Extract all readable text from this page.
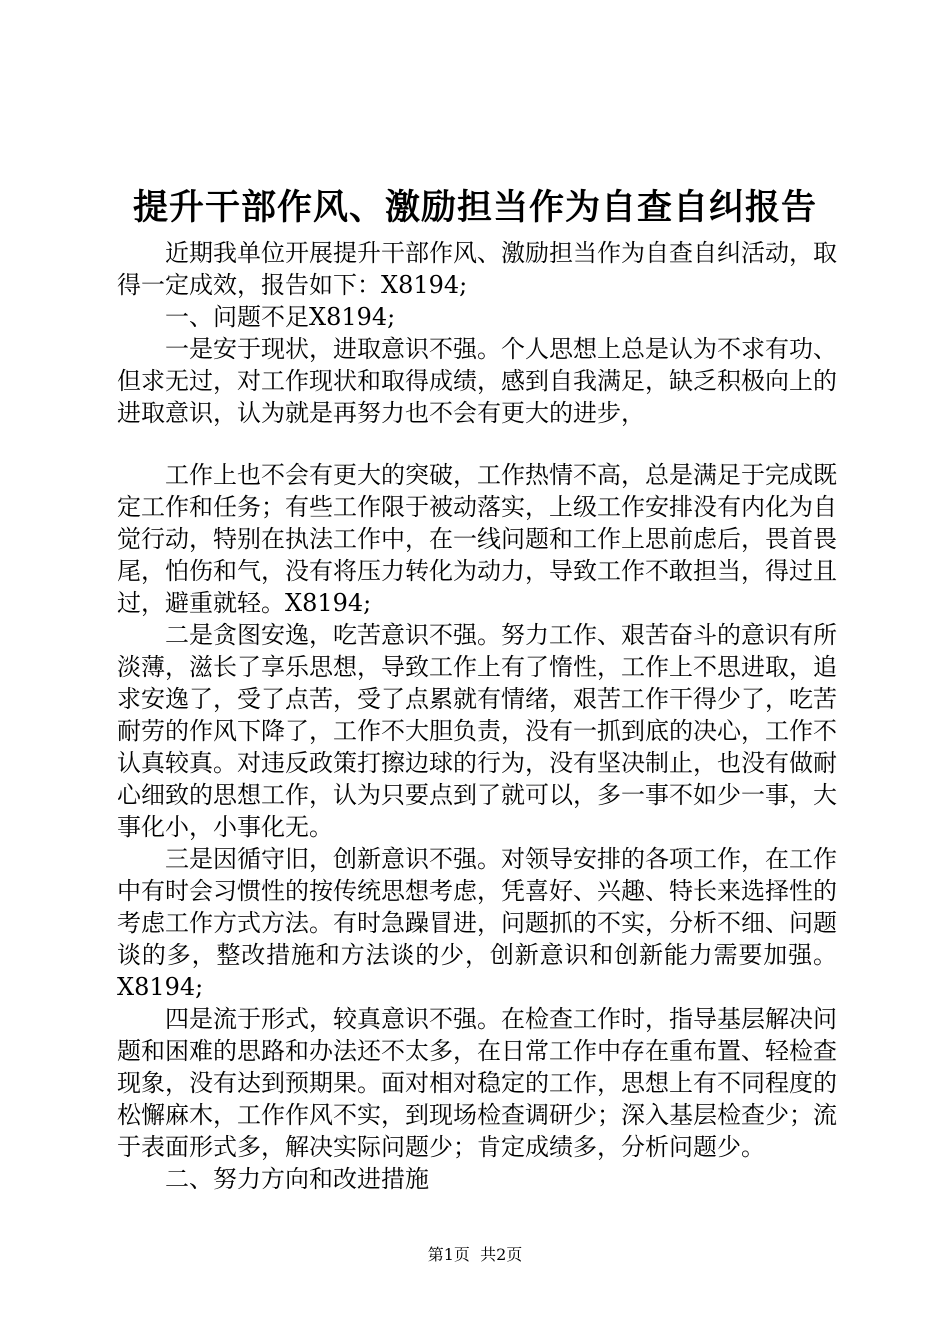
提升干部作风、激励担当作为自查自纠报告

近期我单位开展提升干部作风、激励担当作为自查自纠活动，取得一定成效，报告如下：X8194;

一、问题不足X8194;

一是安于现状，进取意识不强。个人思想上总是认为不求有功、但求无过，对工作现状和取得成绩，感到自我满足，缺乏积极向上的进取意识，认为就是再努力也不会有更大的进步，

工作上也不会有更大的突破，工作热情不高，总是满足于完成既定工作和任务；有些工作限于被动落实，上级工作安排没有内化为自觉行动，特别在执法工作中，在一线问题和工作上思前虑后，畏首畏尾，怕伤和气，没有将压力转化为动力，导致工作不敢担当，得过且过，避重就轻。X8194;

二是贪图安逸，吃苦意识不强。努力工作、艰苦奋斗的意识有所淡薄，滋长了享乐思想，导致工作上有了惰性，工作上不思进取，追求安逸了，受了点苦，受了点累就有情绪，艰苦工作干得少了，吃苦耐劳的作风下降了，工作不大胆负责，没有一抓到底的决心，工作不认真较真。对违反政策打擦边球的行为，没有坚决制止，也没有做耐心细致的思想工作，认为只要点到了就可以，多一事不如少一事，大事化小，小事化无。

三是因循守旧，创新意识不强。对领导安排的各项工作，在工作中有时会习惯性的按传统思想考虑，凭喜好、兴趣、特长来选择性的考虑工作方式方法。有时急躁冒进，问题抓的不实，分析不细、问题谈的多，整改措施和方法谈的少，创新意识和创新能力需要加强。X8194;

四是流于形式，较真意识不强。在检查工作时，指导基层解决问题和困难的思路和办法还不太多，在日常工作中存在重布置、轻检查现象，没有达到预期果。面对相对稳定的工作，思想上有不同程度的松懈麻木，工作作风不实，到现场检查调研少；深入基层检查少；流于表面形式多，解决实际问题少；肯定成绩多，分析问题少。

二、努力方向和改进措施

第1页  共2页
